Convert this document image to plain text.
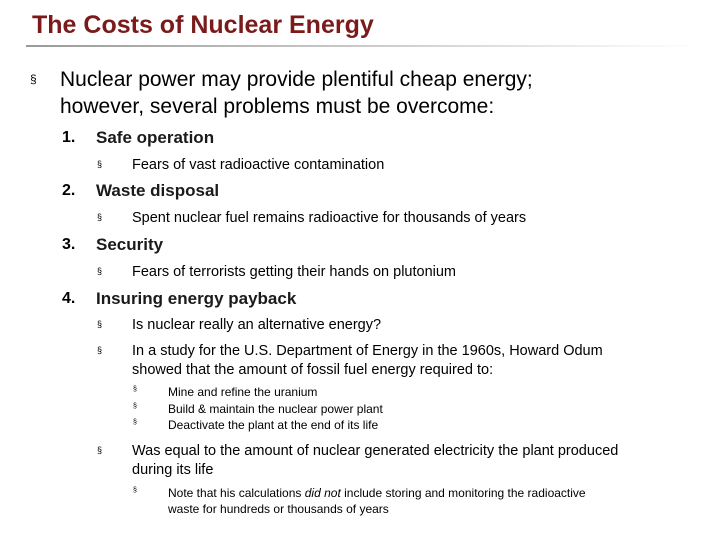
The Costs of Nuclear Energy
§ Nuclear power may provide plentiful cheap energy;
however, several problems must be overcome:
1. Safe operation
§ Fears of vast radioactive contamination
2. Waste disposal
§ Spent nuclear fuel remains radioactive for thousands of years
3. Security
§ Fears of terrorists getting their hands on plutonium
4. Insuring energy payback
§ Is nuclear really an alternative energy?
§ In a study for the U.S. Department of Energy in the 1960s, Howard Odum
showed that the amount of fossil fuel energy required to:
§	Mine and refine the uranium
§	Build & maintain the nuclear power plant
§	Deactivate the plant at the end of its life
§ Was equal to the amount of nuclear generated electricity the plant produced
during its life
§	Note that his calculations did not include storing and monitoring the radioactive
waste for hundreds or thousands of years
